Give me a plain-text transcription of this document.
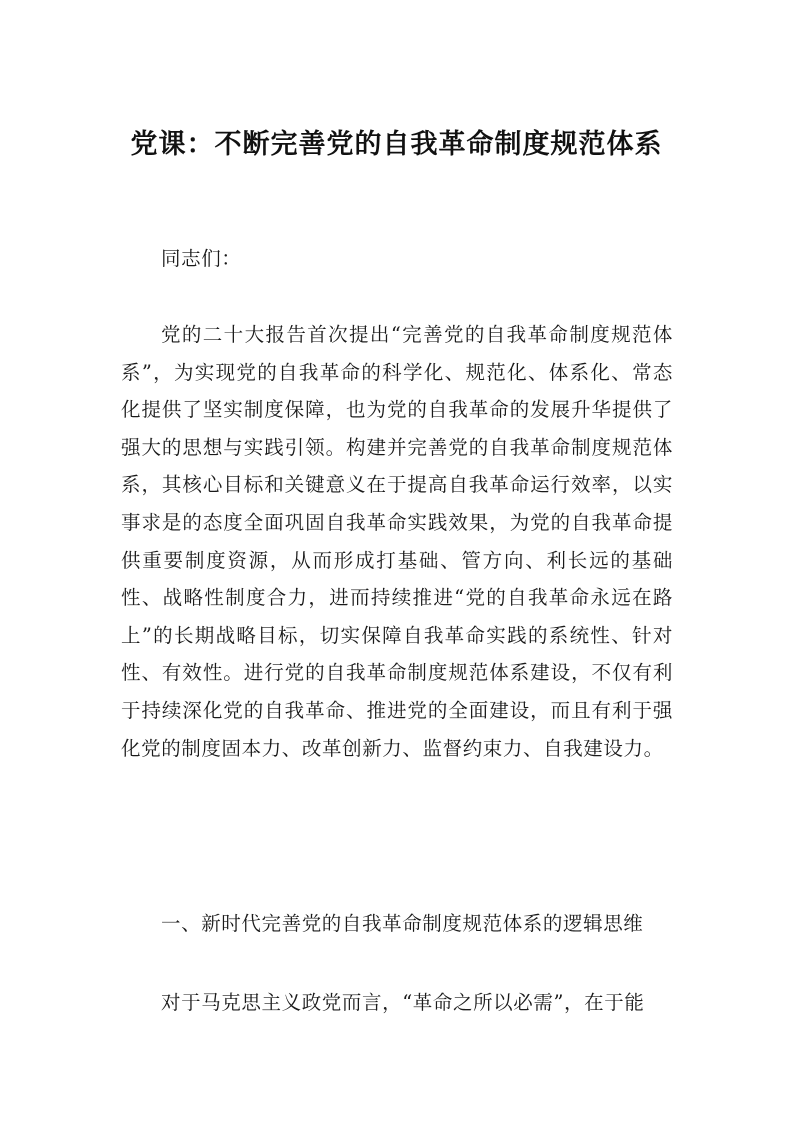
党课：不断完善党的自我革命制度规范体系

同志们：

党的二十大报告首次提出“完善党的自我革命制度规范体系”，为实现党的自我革命的科学化、规范化、体系化、常态化提供了坚实制度保障，也为党的自我革命的发展升华提供了强大的思想与实践引领。构建并完善党的自我革命制度规范体系，其核心目标和关键意义在于提高自我革命运行效率，以实事求是的态度全面巩固自我革命实践效果，为党的自我革命提供重要制度资源，从而形成打基础、管方向、利长远的基础性、战略性制度合力，进而持续推进“党的自我革命永远在路上”的长期战略目标，切实保障自我革命实践的系统性、针对性、有效性。进行党的自我革命制度规范体系建设，不仅有利于持续深化党的自我革命、推进党的全面建设，而且有利于强化党的制度固本力、改革创新力、监督约束力、自我建设力。

一、新时代完善党的自我革命制度规范体系的逻辑思维

对于马克思主义政党而言，“革命之所以必需”，在于能
